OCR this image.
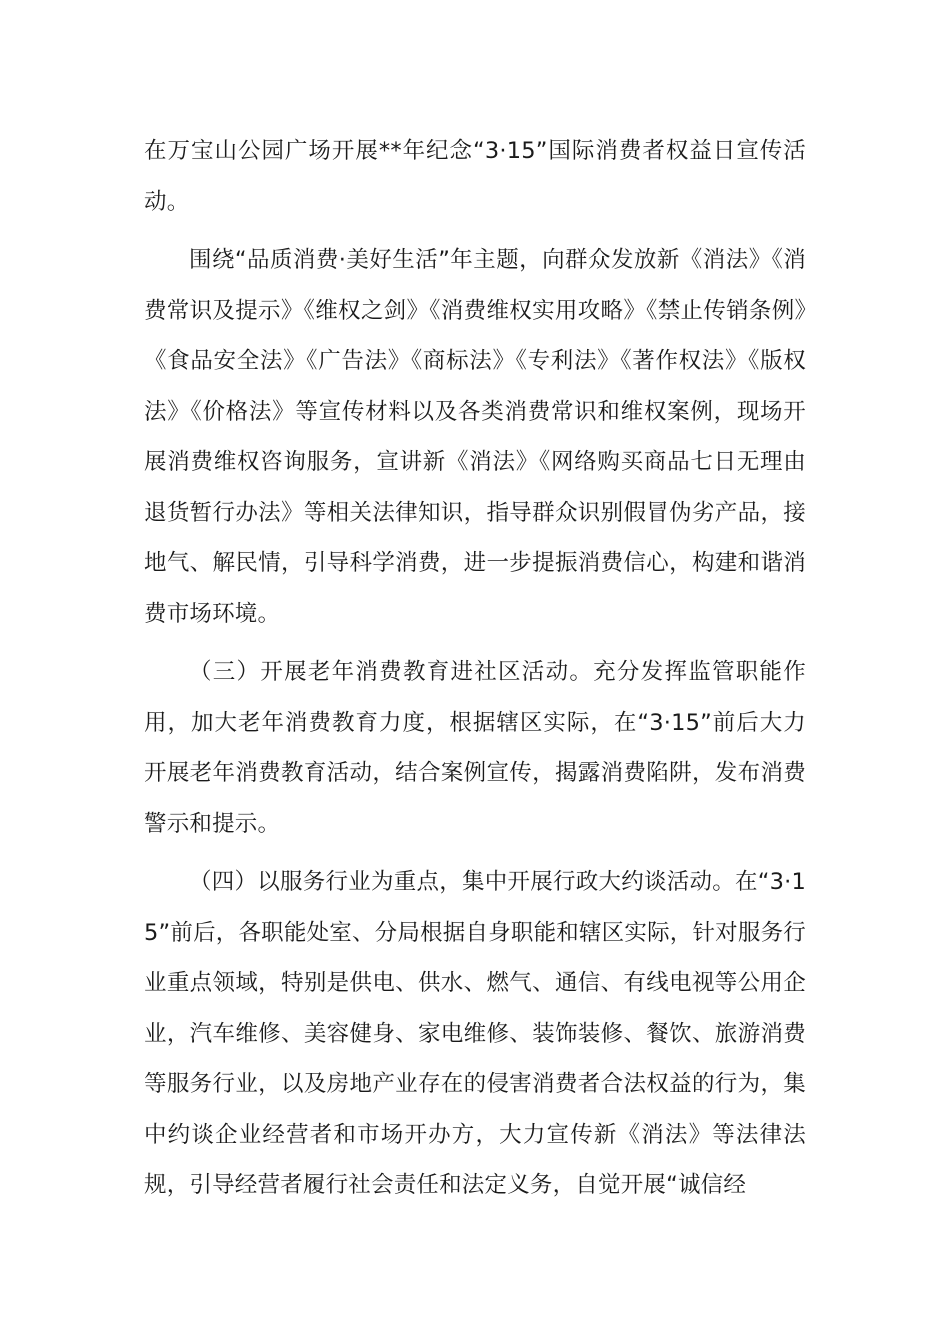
在万宝山公园广场开展**年纪念“3·15”国际消费者权益日宣传活动。

围绕“品质消费·美好生活”年主题，向群众发放新《消法》《消费常识及提示》《维权之剑》《消费维权实用攻略》《禁止传销条例》《食品安全法》《广告法》《商标法》《专利法》《著作权法》《版权法》《价格法》等宣传材料以及各类消费常识和维权案例，现场开展消费维权咨询服务，宣讲新《消法》《网络购买商品七日无理由退货暂行办法》等相关法律知识，指导群众识别假冒伪劣产品，接地气、解民情，引导科学消费，进一步提振消费信心，构建和谐消费市场环境。

（三）开展老年消费教育进社区活动。充分发挥监管职能作用，加大老年消费教育力度，根据辖区实际，在“3·15”前后大力开展老年消费教育活动，结合案例宣传，揭露消费陷阱，发布消费警示和提示。

（四）以服务行业为重点，集中开展行政大约谈活动。在“3·15”前后，各职能处室、分局根据自身职能和辖区实际，针对服务行业重点领域，特别是供电、供水、燃气、通信、有线电视等公用企业，汽车维修、美容健身、家电维修、装饰装修、餐饮、旅游消费等服务行业，以及房地产业存在的侵害消费者合法权益的行为，集中约谈企业经营者和市场开办方，大力宣传新《消法》等法律法规，引导经营者履行社会责任和法定义务，自觉开展“诚信经
